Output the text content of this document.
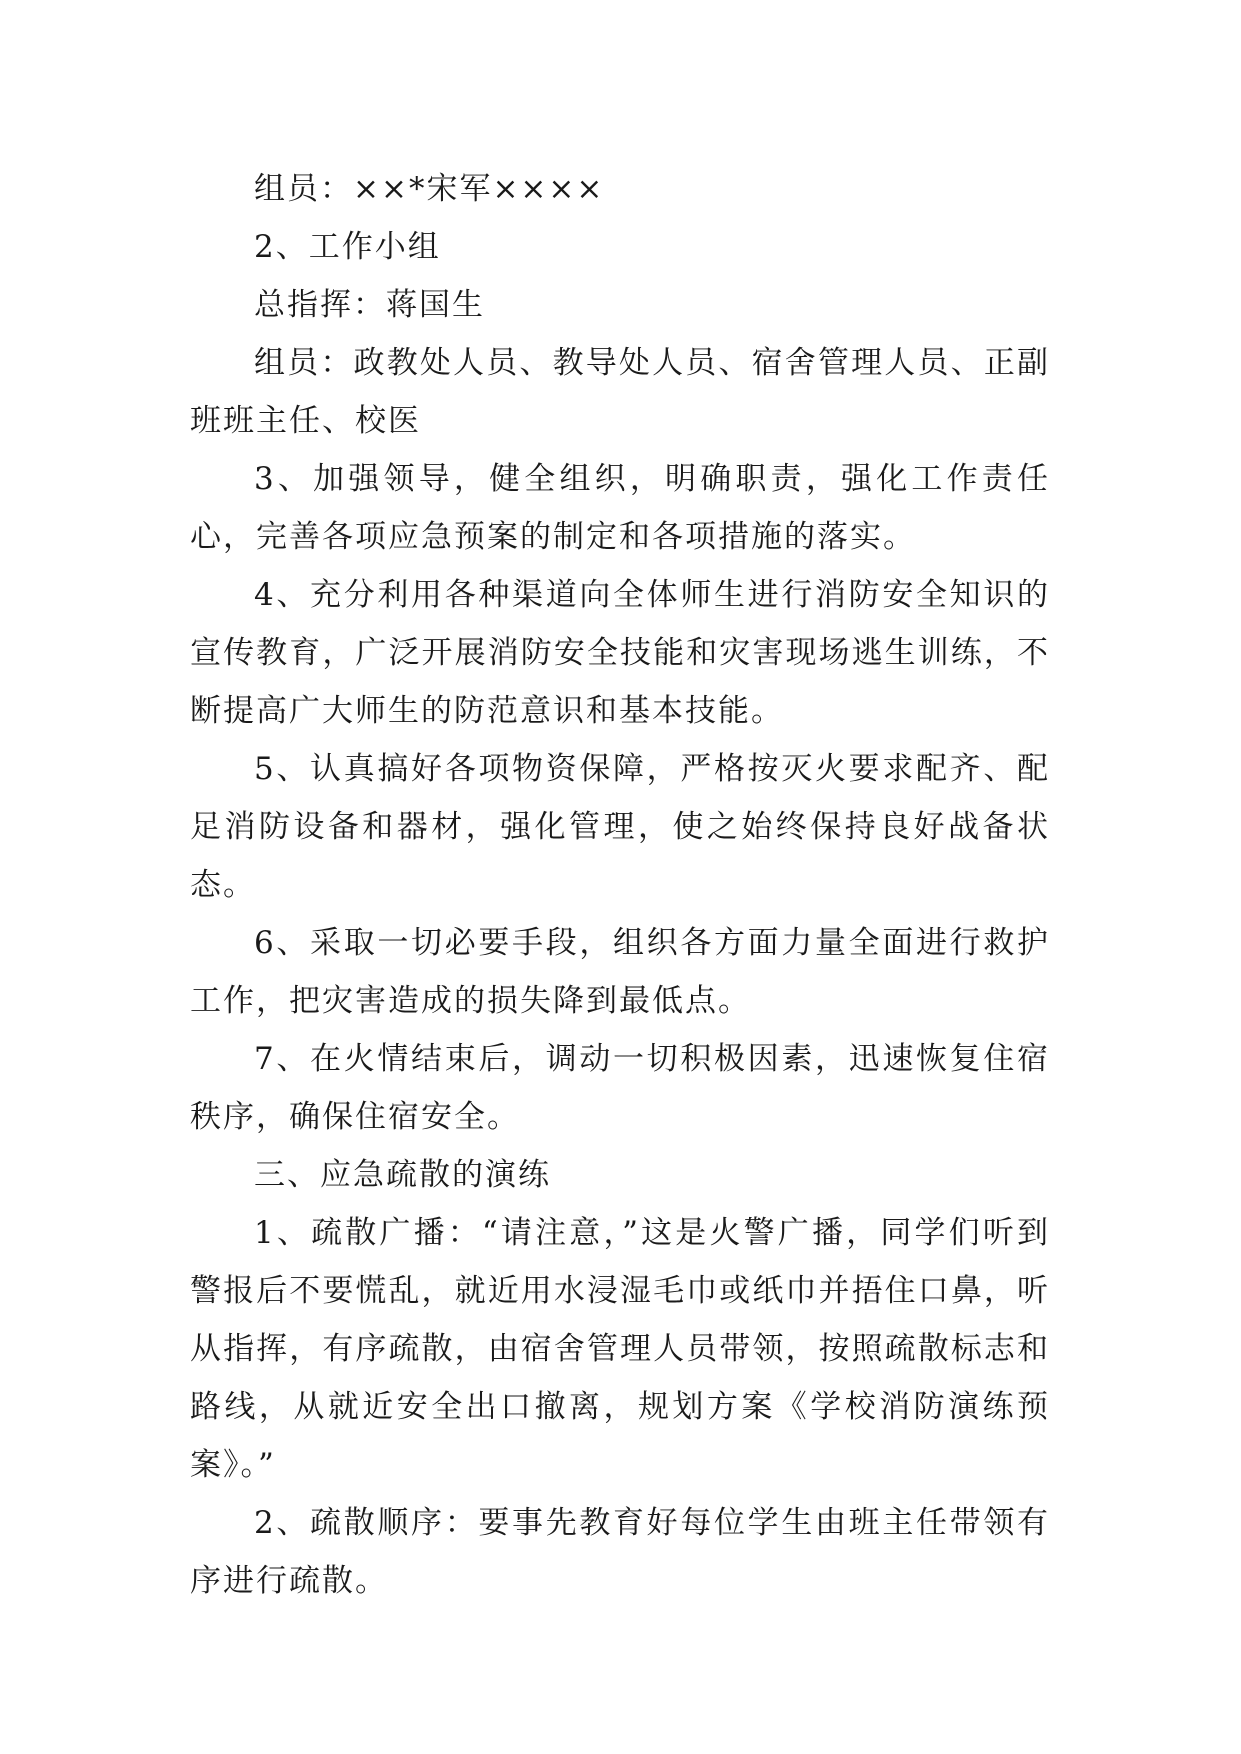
组员：××*宋军××××

2、工作小组

总指挥：蒋国生

组员：政教处人员、教导处人员、宿舍管理人员、正副班班主任、校医

3、加强领导，健全组织，明确职责，强化工作责任心，完善各项应急预案的制定和各项措施的落实。

4、充分利用各种渠道向全体师生进行消防安全知识的宣传教育，广泛开展消防安全技能和灾害现场逃生训练，不断提高广大师生的防范意识和基本技能。

5、认真搞好各项物资保障，严格按灭火要求配齐、配足消防设备和器材，强化管理，使之始终保持良好战备状态。

6、采取一切必要手段，组织各方面力量全面进行救护工作，把灾害造成的损失降到最低点。

7、在火情结束后，调动一切积极因素，迅速恢复住宿秩序，确保住宿安全。

三、应急疏散的演练

1、疏散广播：“请注意，”这是火警广播，同学们听到警报后不要慌乱，就近用水浸湿毛巾或纸巾并捂住口鼻，听从指挥，有序疏散，由宿舍管理人员带领，按照疏散标志和路线，从就近安全出口撤离，规划方案《学校消防演练预案》。”

2、疏散顺序：要事先教育好每位学生由班主任带领有序进行疏散。
